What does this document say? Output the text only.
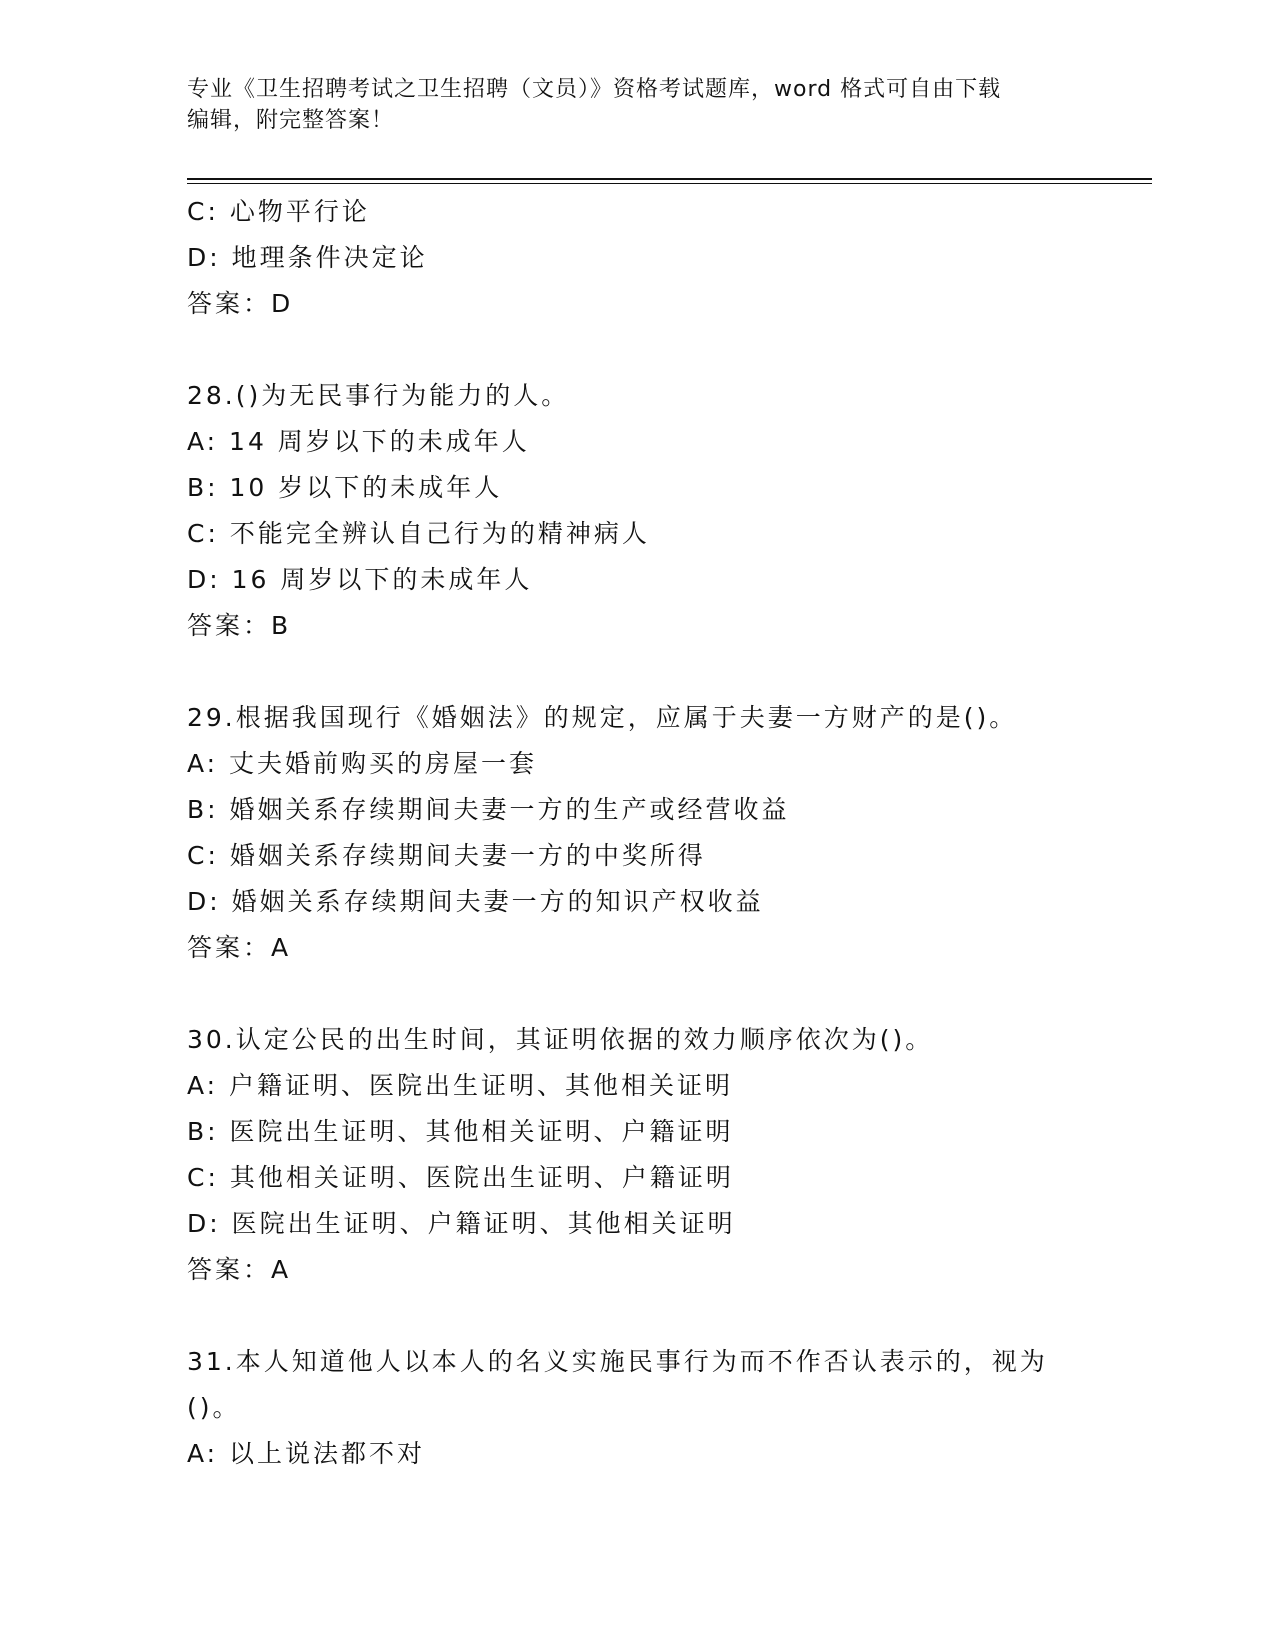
专业《卫生招聘考试之卫生招聘（文员）》资格考试题库，word 格式可自由下载
编辑，附完整答案！
C: 心物平行论
D: 地理条件决定论
答案：D
28.()为无民事行为能力的人。
A: 14 周岁以下的未成年人
B: 10 岁以下的未成年人
C: 不能完全辨认自己行为的精神病人
D: 16 周岁以下的未成年人
答案：B
29.根据我国现行《婚姻法》的规定，应属于夫妻一方财产的是()。
A: 丈夫婚前购买的房屋一套
B: 婚姻关系存续期间夫妻一方的生产或经营收益
C: 婚姻关系存续期间夫妻一方的中奖所得
D: 婚姻关系存续期间夫妻一方的知识产权收益
答案：A
30.认定公民的出生时间，其证明依据的效力顺序依次为()。
A: 户籍证明、医院出生证明、其他相关证明
B: 医院出生证明、其他相关证明、户籍证明
C: 其他相关证明、医院出生证明、户籍证明
D: 医院出生证明、户籍证明、其他相关证明
答案：A
31.本人知道他人以本人的名义实施民事行为而不作否认表示的，视为
()。
A: 以上说法都不对
